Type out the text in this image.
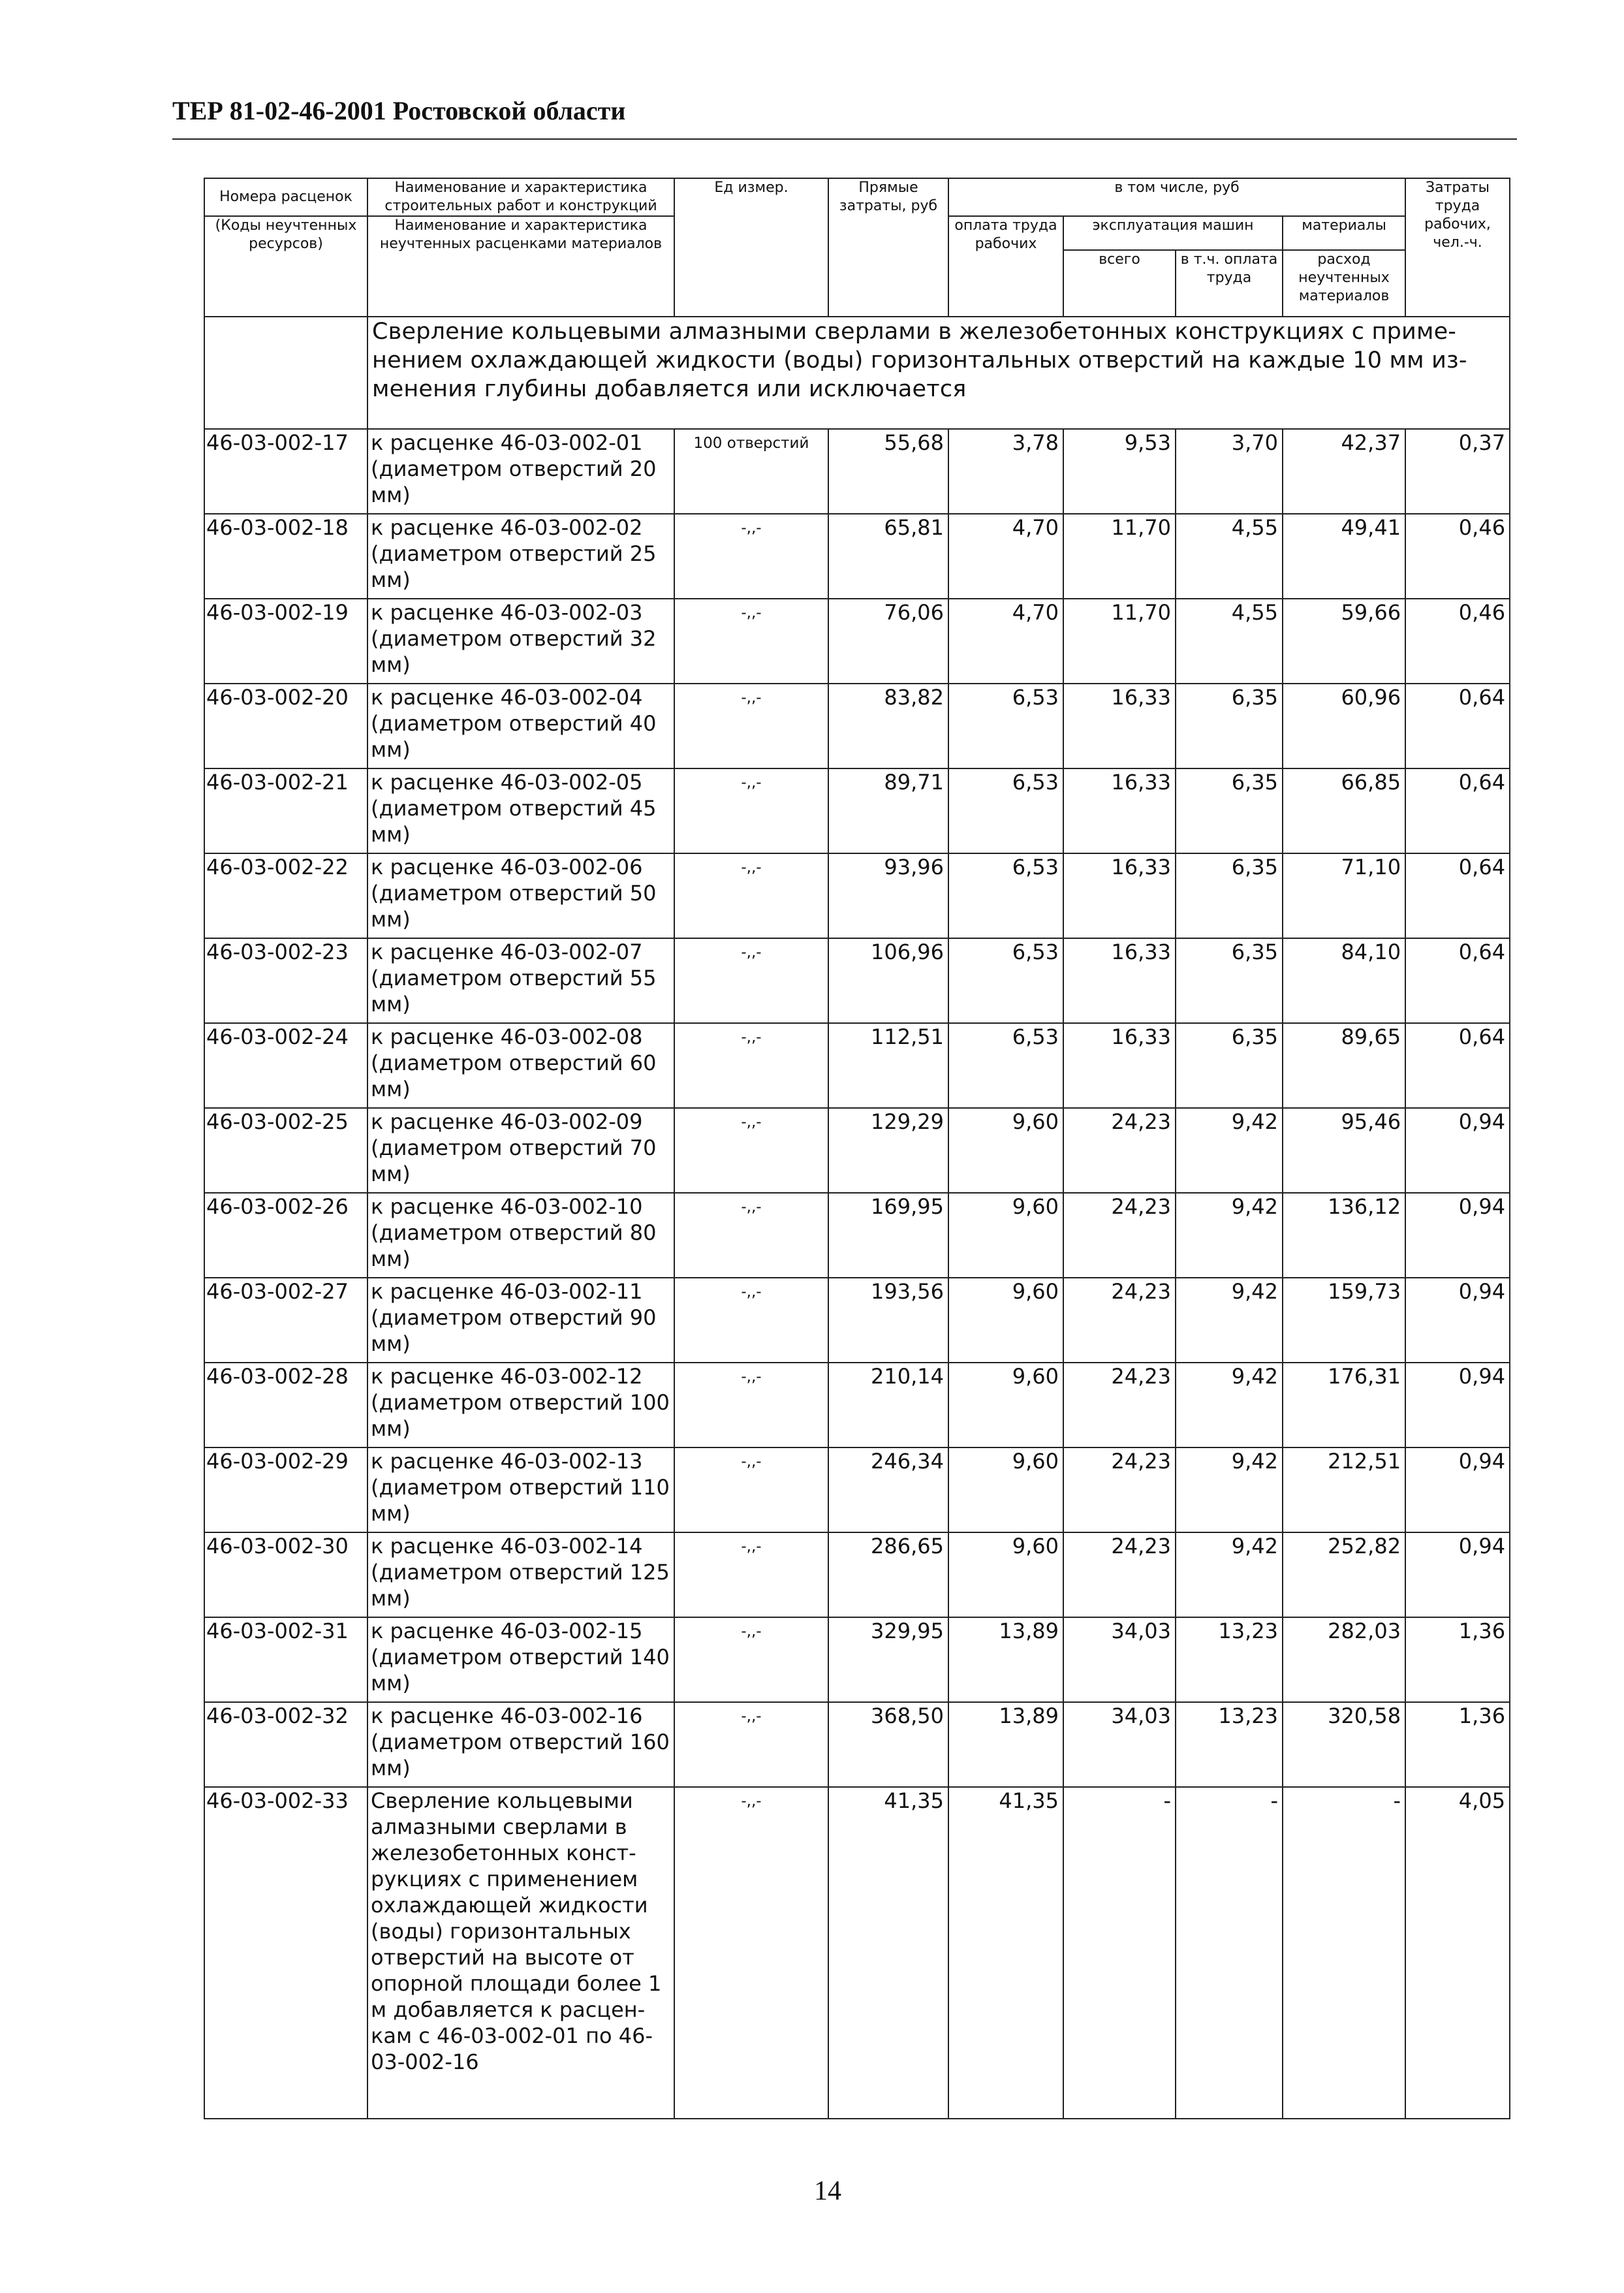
ТЕР 81-02-46-2001 Ростовской области
Номера расценок	Наименование и характеристика строительных работ и конструкций	Ед измер.	Прямые затраты, руб	в том числе, руб				Затраты труда рабочих, чел.-ч.
(Коды неучтенных ресурсов)	Наименование и характеристика неучтенных расценками материалов			оплата труда рабочих	эксплуатация машин		материалы	
					всего	в т.ч. оплата труда	расход неучтенных материалов	
	Сверление кольцевыми алмазными сверлами в железобетонных конструкциях с приме-нением охлаждающей жидкости (воды) горизонтальных отверстий на каждые 10 мм из-менения глубины добавляется или исключается							
46-03-002-17	к расценке 46-03-002-01 (диаметром отверстий 20 мм)	100 отверстий	55,68	3,78	9,53	3,70	42,37	0,37
46-03-002-18	к расценке 46-03-002-02 (диаметром отверстий 25 мм)	-,,-	65,81	4,70	11,70	4,55	49,41	0,46
46-03-002-19	к расценке 46-03-002-03 (диаметром отверстий 32 мм)	-,,-	76,06	4,70	11,70	4,55	59,66	0,46
46-03-002-20	к расценке 46-03-002-04 (диаметром отверстий 40 мм)	-,,-	83,82	6,53	16,33	6,35	60,96	0,64
46-03-002-21	к расценке 46-03-002-05 (диаметром отверстий 45 мм)	-,,-	89,71	6,53	16,33	6,35	66,85	0,64
46-03-002-22	к расценке 46-03-002-06 (диаметром отверстий 50 мм)	-,,-	93,96	6,53	16,33	6,35	71,10	0,64
46-03-002-23	к расценке 46-03-002-07 (диаметром отверстий 55 мм)	-,,-	106,96	6,53	16,33	6,35	84,10	0,64
46-03-002-24	к расценке 46-03-002-08 (диаметром отверстий 60 мм)	-,,-	112,51	6,53	16,33	6,35	89,65	0,64
46-03-002-25	к расценке 46-03-002-09 (диаметром отверстий 70 мм)	-,,-	129,29	9,60	24,23	9,42	95,46	0,94
46-03-002-26	к расценке 46-03-002-10 (диаметром отверстий 80 мм)	-,,-	169,95	9,60	24,23	9,42	136,12	0,94
46-03-002-27	к расценке 46-03-002-11 (диаметром отверстий 90 мм)	-,,-	193,56	9,60	24,23	9,42	159,73	0,94
46-03-002-28	к расценке 46-03-002-12 (диаметром отверстий 100 мм)	-,,-	210,14	9,60	24,23	9,42	176,31	0,94
46-03-002-29	к расценке 46-03-002-13 (диаметром отверстий 110 мм)	-,,-	246,34	9,60	24,23	9,42	212,51	0,94
46-03-002-30	к расценке 46-03-002-14 (диаметром отверстий 125 мм)	-,,-	286,65	9,60	24,23	9,42	252,82	0,94
46-03-002-31	к расценке 46-03-002-15 (диаметром отверстий 140 мм)	-,,-	329,95	13,89	34,03	13,23	282,03	1,36
46-03-002-32	к расценке 46-03-002-16 (диаметром отверстий 160 мм)	-,,-	368,50	13,89	34,03	13,23	320,58	1,36
46-03-002-33	Сверление кольцевыми алмазными сверлами в железобетонных конст-рукциях с применением охлаждающей жидкости (воды) горизонтальных отверстий на высоте от опорной площади более 1 м добавляется к расцен-кам с 46-03-002-01 по 46-03-002-16	-,,-	41,35	41,35	-	-	-	4,05
14
